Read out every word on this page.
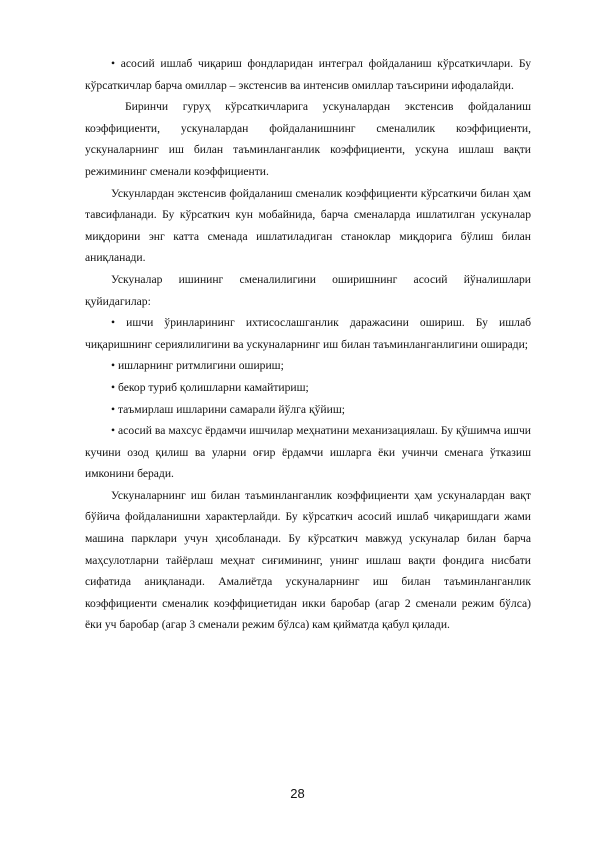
• асосий ишлаб чиқариш фондларидан интеграл фойдаланиш кўрсаткичлари. Бу кўрсаткичлар барча омиллар – экстенсив ва интенсив омиллар таъсирини ифодалайди.

Биринчи гуруҳ кўрсаткичларига ускуналардан экстенсив фойдаланиш коэффициенти, ускуналардан фойдаланишнинг сменалилик коэффициенти, ускуналарнинг иш билан таъминланганлик коэффициенти, ускуна ишлаш вақти режимининг сменали коэффициенти.

Ускунлардан экстенсив фойдаланиш сменалик коэффициенти кўрсаткичи билан ҳам тавсифланади. Бу кўрсаткич кун мобайнида, барча сменаларда ишлатилган ускуналар миқдорини энг катта сменада ишлатиладиган станоклар миқдорига бўлиш билан аниқланади.

Ускуналар ишининг сменалилигини оширишнинг асосий йўналишлари қуйидагилар:

• ишчи ўринларининг ихтисослашганлик даражасини ошириш. Бу ишлаб чиқаришнинг сериялилигини ва ускуналарнинг иш билан таъминланганлигини оширади;

• ишларнинг ритмлигини ошириш;

• бекор туриб қолишларни камайтириш;

• таъмирлаш ишларини самарали йўлга қўйиш;

• асосий ва махсус ёрдамчи ишчилар меҳнатини механизациялаш. Бу қўшимча ишчи кучини озод қилиш ва уларни оғир ёрдамчи ишларга ёки учинчи сменага ўтказиш имконини беради.

Ускуналарнинг иш билан таъминланганлик коэффициенти ҳам ускуналардан вақт бўйича фойдаланишни характерлайди. Бу кўрсаткич асосий ишлаб чиқаришдаги жами машина парклари учун ҳисобланади. Бу кўрсаткич мавжуд ускуналар билан барча маҳсулотларни тайёрлаш меҳнат сиғимининг, унинг ишлаш вақти фондига нисбати сифатида аниқланади. Амалиётда ускуналарнинг иш билан таъминланганлик коэффициенти сменалик коэффициетидан икки баробар (агар 2 сменали режим бўлса) ёки уч баробар (агар 3 сменали режим бўлса) кам қийматда қабул қилади.

28
